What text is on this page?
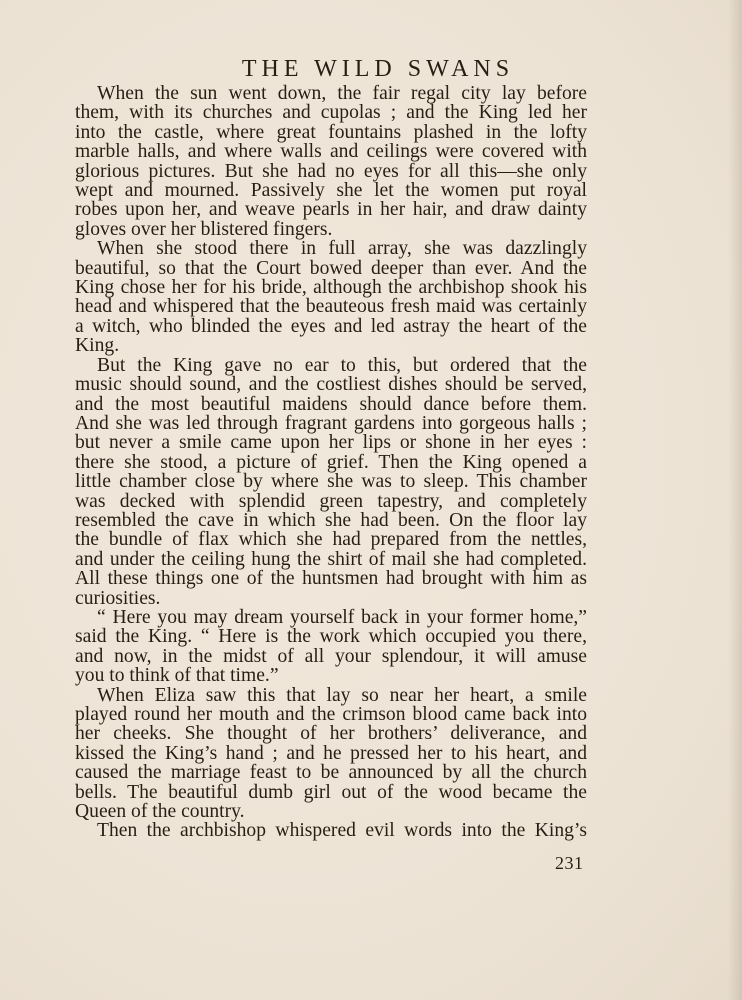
THE WILD SWANS
When the sun went down, the fair regal city lay before
them, with its churches and cupolas ; and the King led her
into the castle, where great fountains plashed in the lofty
marble halls, and where walls and ceilings were covered with
glorious pictures. But she had no eyes for all this—she only
wept and mourned. Passively she let the women put royal
robes upon her, and weave pearls in her hair, and draw dainty
gloves over her blistered fingers.
When she stood there in full array, she was dazzlingly
beautiful, so that the Court bowed deeper than ever. And the
King chose her for his bride, although the archbishop shook his
head and whispered that the beauteous fresh maid was certainly
a witch, who blinded the eyes and led astray the heart of the
King.
But the King gave no ear to this, but ordered that the
music should sound, and the costliest dishes should be served,
and the most beautiful maidens should dance before them.
And she was led through fragrant gardens into gorgeous halls ;
but never a smile came upon her lips or shone in her eyes :
there she stood, a picture of grief. Then the King opened a
little chamber close by where she was to sleep. This chamber
was decked with splendid green tapestry, and completely
resembled the cave in which she had been. On the floor lay
the bundle of flax which she had prepared from the nettles,
and under the ceiling hung the shirt of mail she had completed.
All these things one of the huntsmen had brought with him as
curiosities.
“ Here you may dream yourself back in your former home,”
said the King. “ Here is the work which occupied you there,
and now, in the midst of all your splendour, it will amuse
you to think of that time.”
When Eliza saw this that lay so near her heart, a smile
played round her mouth and the crimson blood came back into
her cheeks. She thought of her brothers’ deliverance, and
kissed the King’s hand ; and he pressed her to his heart, and
caused the marriage feast to be announced by all the church
bells. The beautiful dumb girl out of the wood became the
Queen of the country.
Then the archbishop whispered evil words into the King’s
231
